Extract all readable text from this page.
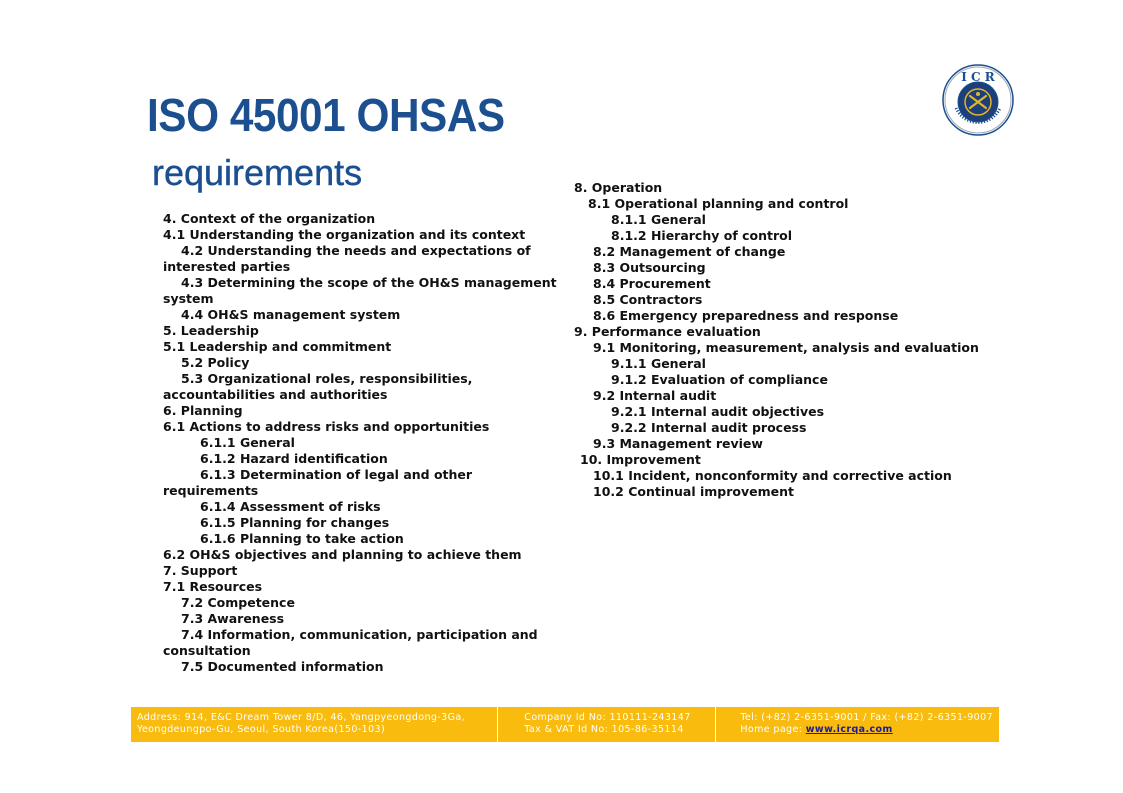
ISO 45001 OHSAS
requirements
I C R
4. Context of the organization
4.1 Understanding the organization and its context
4.2 Understanding the needs and expectations of
interested parties
4.3 Determining the scope of the OH&S management
system
4.4 OH&S management system
5. Leadership
5.1 Leadership and commitment
5.2 Policy
5.3 Organizational roles, responsibilities,
accountabilities and authorities
6. Planning
6.1 Actions to address risks and opportunities
6.1.1 General
6.1.2 Hazard identification
6.1.3 Determination of legal and other
requirements
6.1.4 Assessment of risks
6.1.5 Planning for changes
6.1.6 Planning to take action
6.2 OH&S objectives and planning to achieve them
7. Support
7.1 Resources
7.2 Competence
7.3 Awareness
7.4 Information, communication, participation and
consultation
7.5 Documented information
8. Operation
8.1 Operational planning and control
8.1.1 General
8.1.2 Hierarchy of control
8.2 Management of change
8.3 Outsourcing
8.4 Procurement
8.5 Contractors
8.6 Emergency preparedness and response
9. Performance evaluation
9.1 Monitoring, measurement, analysis and evaluation
9.1.1 General
9.1.2 Evaluation of compliance
9.2 Internal audit
9.2.1 Internal audit objectives
9.2.2 Internal audit process
9.3 Management review
10. Improvement
10.1 Incident, nonconformity and corrective action
10.2 Continual improvement
Address: 914, E&C Dream Tower 8/D, 46, Yangpyeongdong-3Ga,
Yeongdeungpo-Gu, Seoul, South Korea(150-103)
Company Id No: 110111-243147
Tax & VAT Id No: 105-86-35114
Tel: (+82) 2-6351-9001 / Fax: (+82) 2-6351-9007
Home page: www.icrqa.com
